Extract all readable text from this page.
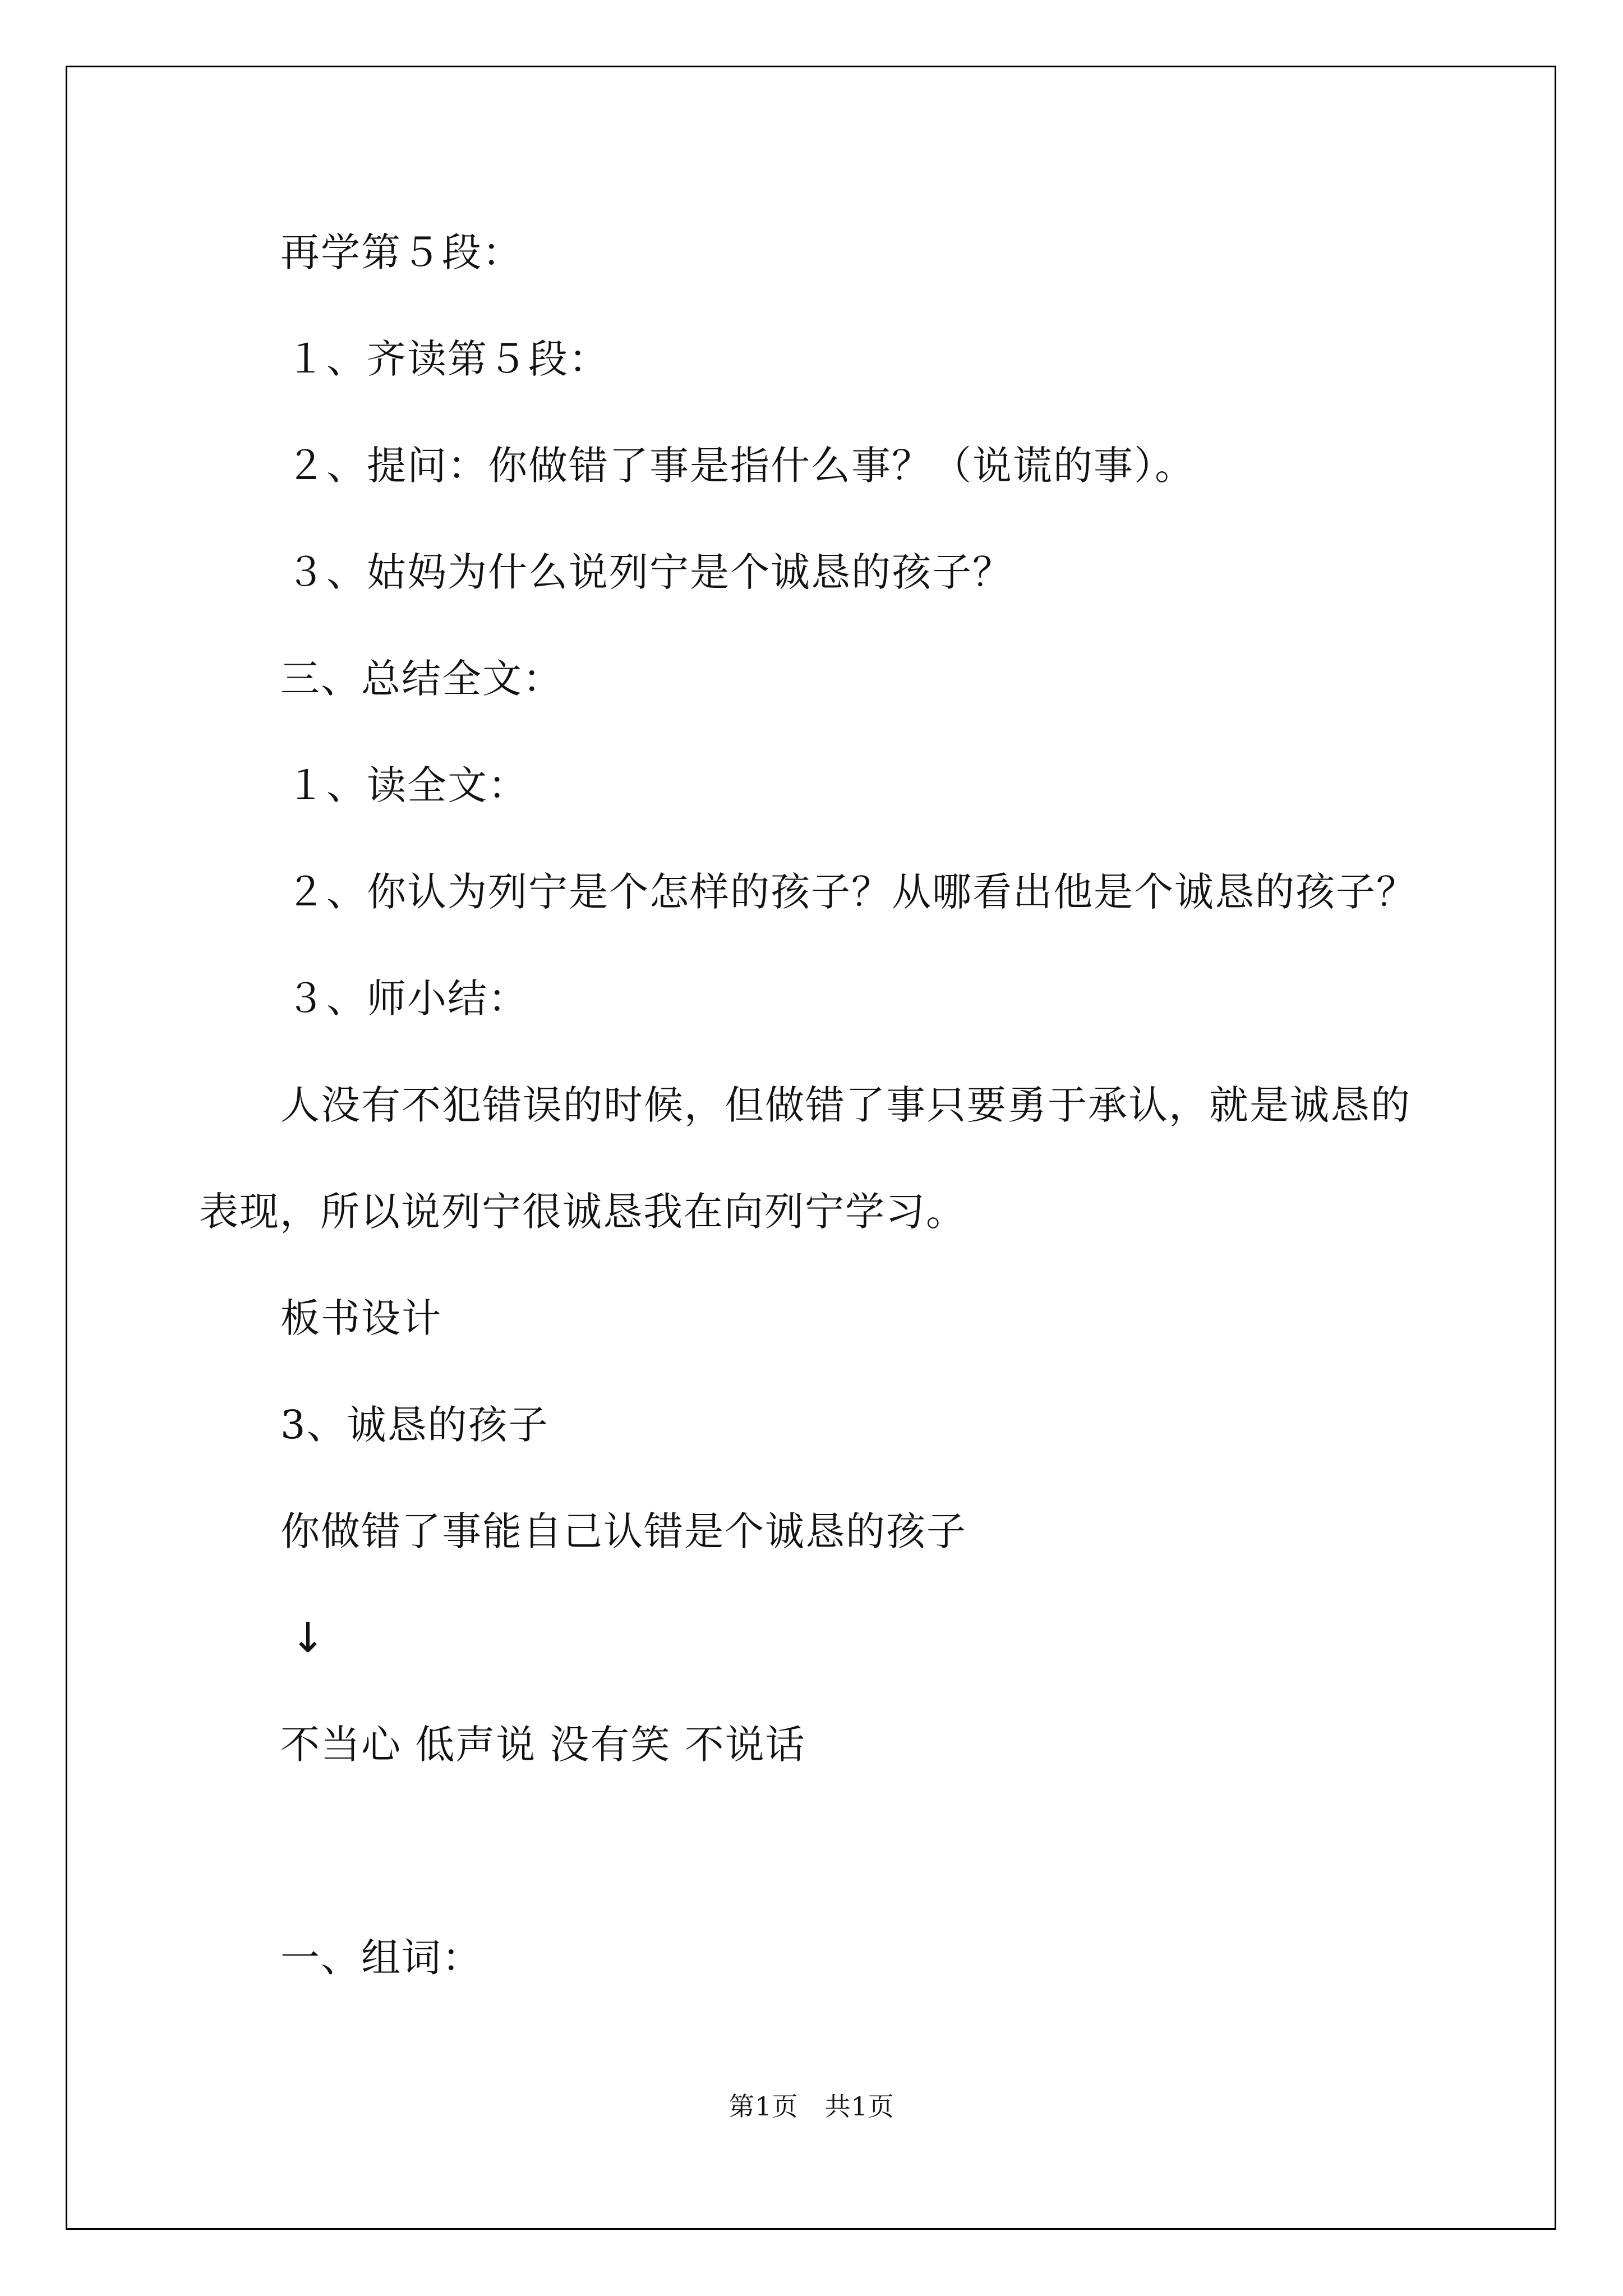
再学第５段：
１、齐读第５段：
２、提问：你做错了事是指什么事？（说谎的事）。
３、姑妈为什么说列宁是个诚恳的孩子？
三、总结全文：
１、读全文：
２、你认为列宁是个怎样的孩子？从哪看出他是个诚恳的孩子？
３、师小结：
人没有不犯错误的时候，但做错了事只要勇于承认，就是诚恳的
表现，所以说列宁很诚恳我在向列宁学习。
板书设计
3、诚恳的孩子
你做错了事能自己认错是个诚恳的孩子
↓
不当心 低声说 没有笑 不说话
一、组词：
第1页　共1页
